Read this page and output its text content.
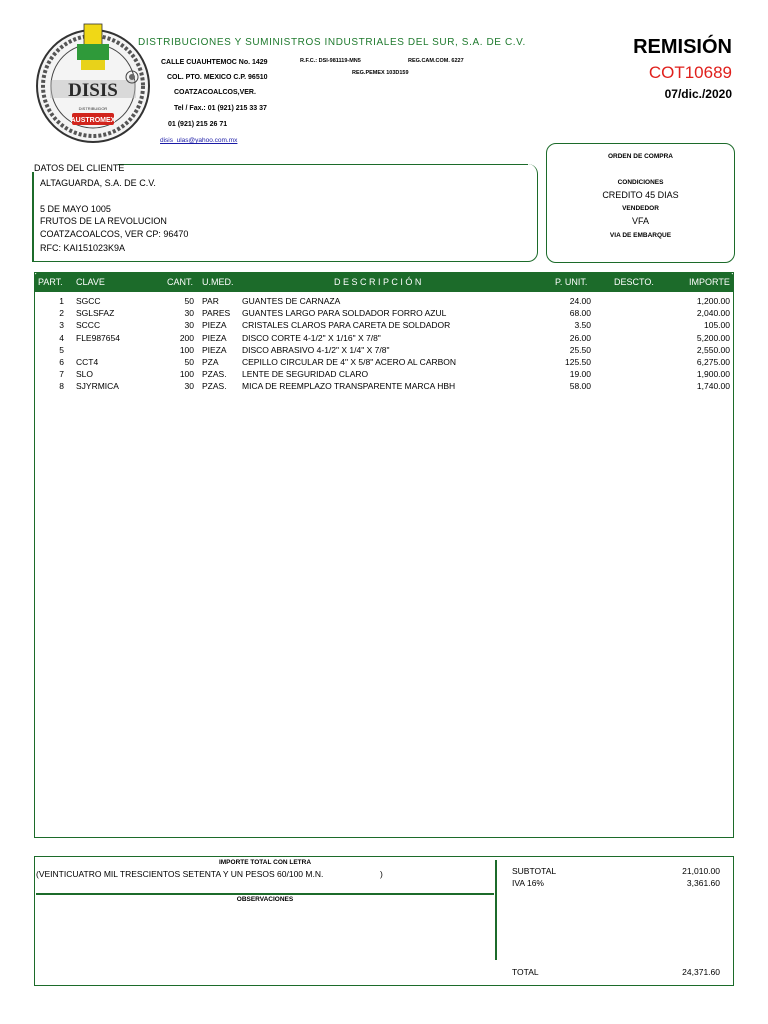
DISIS
DISTRIBUIDOR
AUSTROMEX
DISTRIBUCIONES Y SUMINISTROS INDUSTRIALES DEL SUR, S.A. DE C.V.
CALLE CUAUHTEMOC No. 1429	R.F.C.: DSI-981119-MN5	REG.CAM.COM. 6227
REG.PEMEX 103D159
COL. PTO. MEXICO C.P. 96510
COATZACOALCOS,VER.
Tel / Fax.: 01 (921) 215 33 37
01 (921) 215 26 71
disis_ulas@yahoo.com.mx
REMISIÓN
COT10689
07/dic./2020
DATOS DEL CLIENTE
ALTAGUARDA, S.A. DE C.V.
5 DE MAYO 1005
FRUTOS DE LA REVOLUCION
COATZACOALCOS, VER CP: 96470
RFC: KAI151023K9A
ORDEN DE COMPRA
CONDICIONES
CREDITO 45 DIAS
VENDEDOR
VFA
VIA DE EMBARQUE
PART. CLAVE	CANT. U.MED.	D E S C R I P C I Ó N	P. UNIT.	DESCTO.	IMPORTE
1 SGCC	50 PAR	GUANTES DE CARNAZA	24.00	1,200.00
2 SGLSFAZ	30 PARES	GUANTES LARGO PARA SOLDADOR FORRO AZUL	68.00	2,040.00
3 SCCC	30 PIEZA	CRISTALES CLAROS PARA CARETA DE SOLDADOR	3.50	105.00
4 FLE987654	200 PIEZA	DISCO CORTE 4-1/2" X 1/16" X 7/8"	26.00	5,200.00
5	100 PIEZA	DISCO ABRASIVO 4-1/2" X 1/4" X 7/8"	25.50	2,550.00
6 CCT4	50 PZA	CEPILLO CIRCULAR DE 4" X 5/8" ACERO AL CARBON	125.50	6,275.00
7 SLO	100 PZAS.	LENTE DE SEGURIDAD CLARO	19.00	1,900.00
8 SJYRMICA	30 PZAS.	MICA DE REEMPLAZO TRANSPARENTE MARCA HBH	58.00	1,740.00
IMPORTE TOTAL CON LETRA
(VEINTICUATRO MIL TRESCIENTOS SETENTA Y UN PESOS 60/100 M.N.	)
OBSERVACIONES
SUBTOTAL	21,010.00
IVA 16%	3,361.60
TOTAL	24,371.60
